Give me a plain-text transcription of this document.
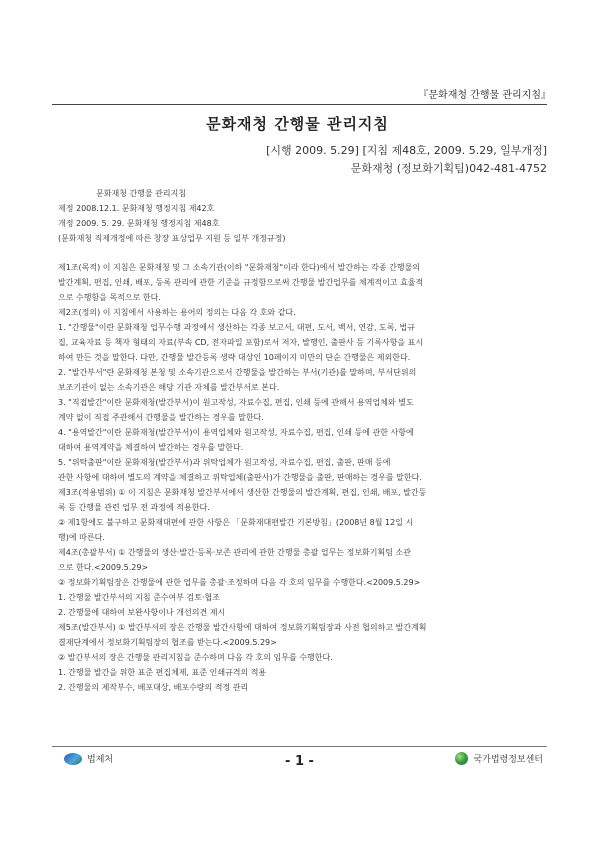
『문화재청 간행물 관리지침』
문화재청 간행물 관리지침
[시행 2009. 5.29] [지침 제48호, 2009. 5.29, 일부개정]
문화재청 (정보화기획팀)042-481-4752

문화재청 간행물 관리지침

제정 2008.12.1. 문화재청 행정지침 제42호

개정 2009. 5. 29. 문화재청 행정지침 제48호

(문화재청 직제개정에 따른 창장 표상업무 지원 등 일부 개정규정)

제1조(목적) 이 지침은 문화재청 및 그 소속기관(이하 "문화재청"이라 한다)에서 발간하는 각종 간행물의

발간계획, 편집, 인쇄, 배포, 등록 관리에 관한 기준을 규정함으로써 간행물 발간업무를 체계적이고 효율적

으로 수행함을 목적으로 한다.

제2조(정의) 이 지침에서 사용하는 용어의 정의는 다음 각 호와 같다.

1. "간행물"이란 문화재청 업무수행 과정에서 생산하는 각종 보고서, 대편, 도서, 백서, 연감, 도록, 법규

집, 교육자료 등 책자 형태의 자료(부속 CD, 전자파일 포함)로서 저자, 발행인, 출판사 등 기록사항을 표시

하여 만든 것을 말한다. 다만, 간행물 발간등록 생략 대상인 10페이지 미만의 단순 간행물은 제외한다.

2. "발간부서"란 문화재청 본청 및 소속기관으로서 간행물을 발간하는 부서(기관)를 말하며, 부서단위의

보조기관이 없는 소속기관은 해당 기관 자체를 발간부서로 본다.

3. "직접발간"이란 문화재청(발간부서)이 원고작성, 자료수집, 편집, 인쇄 등에 관해서 용역업체와 별도

계약 없이 직접 주관해서 간행물을 발간하는 경우를 말한다.

4. "용역발간"이란 문화재청(발간부서)이 용역업체와 원고작성, 자료수집, 편집, 인쇄 등에 관한 사항에

대하여 용역계약을 체결하여 발간하는 경우를 말한다.

5. "위탁출판"이란 문화재청(발간부서)과 위탁업체가 원고작성, 자료수집, 편집, 출판, 판매 등에

관한 사항에 대하여 별도의 계약을 체결하고 위탁업체(출판사)가 간행물을 출판, 판매하는 경우를 말한다.

제3조(적용범위) ① 이 지침은 문화재청 발간부서에서 생산한 간행물의 발간계획, 편집, 인쇄, 배포, 발간등

록 등 간행물 관련 업무 전 과정에 적용한다.

② 제1항에도 불구하고 문화재대편에 관한 사항은 「문화재대편발간 기본방침」(2008년 8월 12일 시

행)에 따른다.

제4조(총괄부서) ① 간행물의 생산·발간·등록·보존 관리에 관한 간행물 총괄 업무는 정보화기획팀 소관

으로 한다.<2009.5.29>

② 정보화기획팀장은 간행물에 관한 업무를 총괄·조정하며 다음 각 호의 임무를 수행한다.<2009.5.29>

1. 간행물 발간부서의 지침 준수여부 검토·협조

2. 간행물에 대하여 보완사항이나 개선의견 제시

제5조(발간부서) ① 발간부서의 장은 간행물 발간사항에 대하여 정보화기획팀장과 사전 협의하고 발간계획

결재단계에서 정보화기획팀장의 협조를 받는다.<2009.5.29>

② 발간부서의 장은 간행물 관리지침을 준수하며 다음 각 호의 임무를 수행한다.

1. 간행물 발간을 위한 표준 편집체제, 표준 인쇄규격의 적용

2. 간행물의 제작부수, 배포대상, 배포수량의 적정 관리

법제처	- 1 -	국가법령정보센터
